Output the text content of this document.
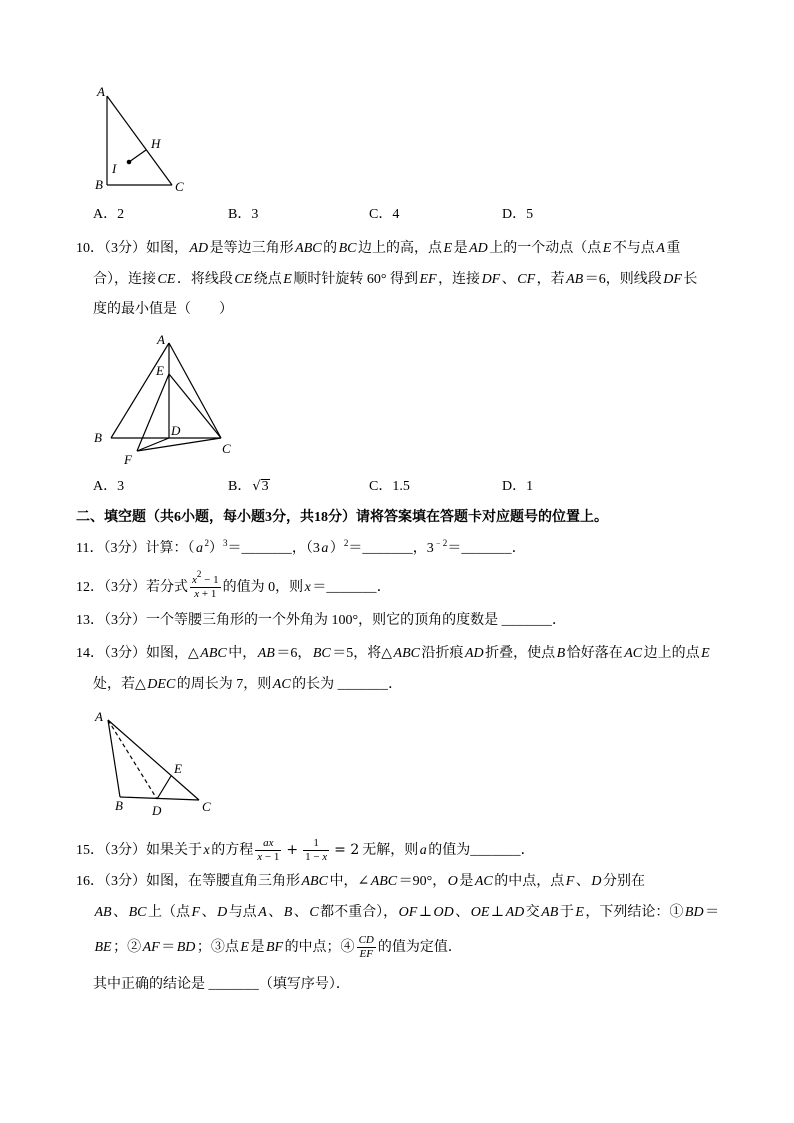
A
H
I
B	C
A．2	B．3	C．4	D．5
10．（3分）如图， AD 是等边三角形 ABC 的 BC 边上的高，点 E 是 AD 上的一个动点（点 E 不与点 A 重
合），连接 CE ．将线段 CE 绕点 E 顺时针旋转 60° 得到 EF ，连接 DF 、 CF ，若 AB ＝6，则线段 DF 长
度的最小值是（　　）
A
E
B	D
C
F
A．3	B．√3	C．1.5	D．1
二、填空题（共6小题，每小题3分，共18分）请将答案填在答题卡对应题号的位置上。
11．（3分）计算：（ a $^2$）$^3$＝_______，（3 a ）$^2$＝_______，$3^{﹣2}=\_\_\_\_\_\_\_$．
12．（3分）若分式 $\frac{x^2 - 1}{x + 1}$ 的值为 0，则 x ＝_______．
13．（3分）一个等腰三角形的一个外角为 100°，则它的顶角的度数是 _______．
14．（3分）如图，△ ABC 中， AB ＝6， BC ＝5，将△ ABC 沿折痕 AD 折叠，使点 B 恰好落在 AC 边上的点 E
处，若△ DEC 的周长为 7，则 AC 的长为 _______．
A
E
B D	C
15．（3分）如果关于 x 的方程 $\frac{ax}{x - 1} + \frac{1}{1 - x} = 2$ 无解，则 a 的值为_______．
16．（3分）如图，在等腰直角三角形 ABC 中，∠ ABC ＝90°， O 是 AC 的中点，点 F 、 D 分别在
AB 、 BC 上（点 F 、 D 与点 A 、 B 、 C 都不重合）， OF ⊥ OD 、 OE ⊥ AD 交 AB 于 E ，下列结论：① BD ＝
BE ；② AF ＝ BD ；③点 E 是 BF 的中点；④ $\frac{CD}{EF}$ 的值为定值．
其中正确的结论是 _______（填写序号）．
